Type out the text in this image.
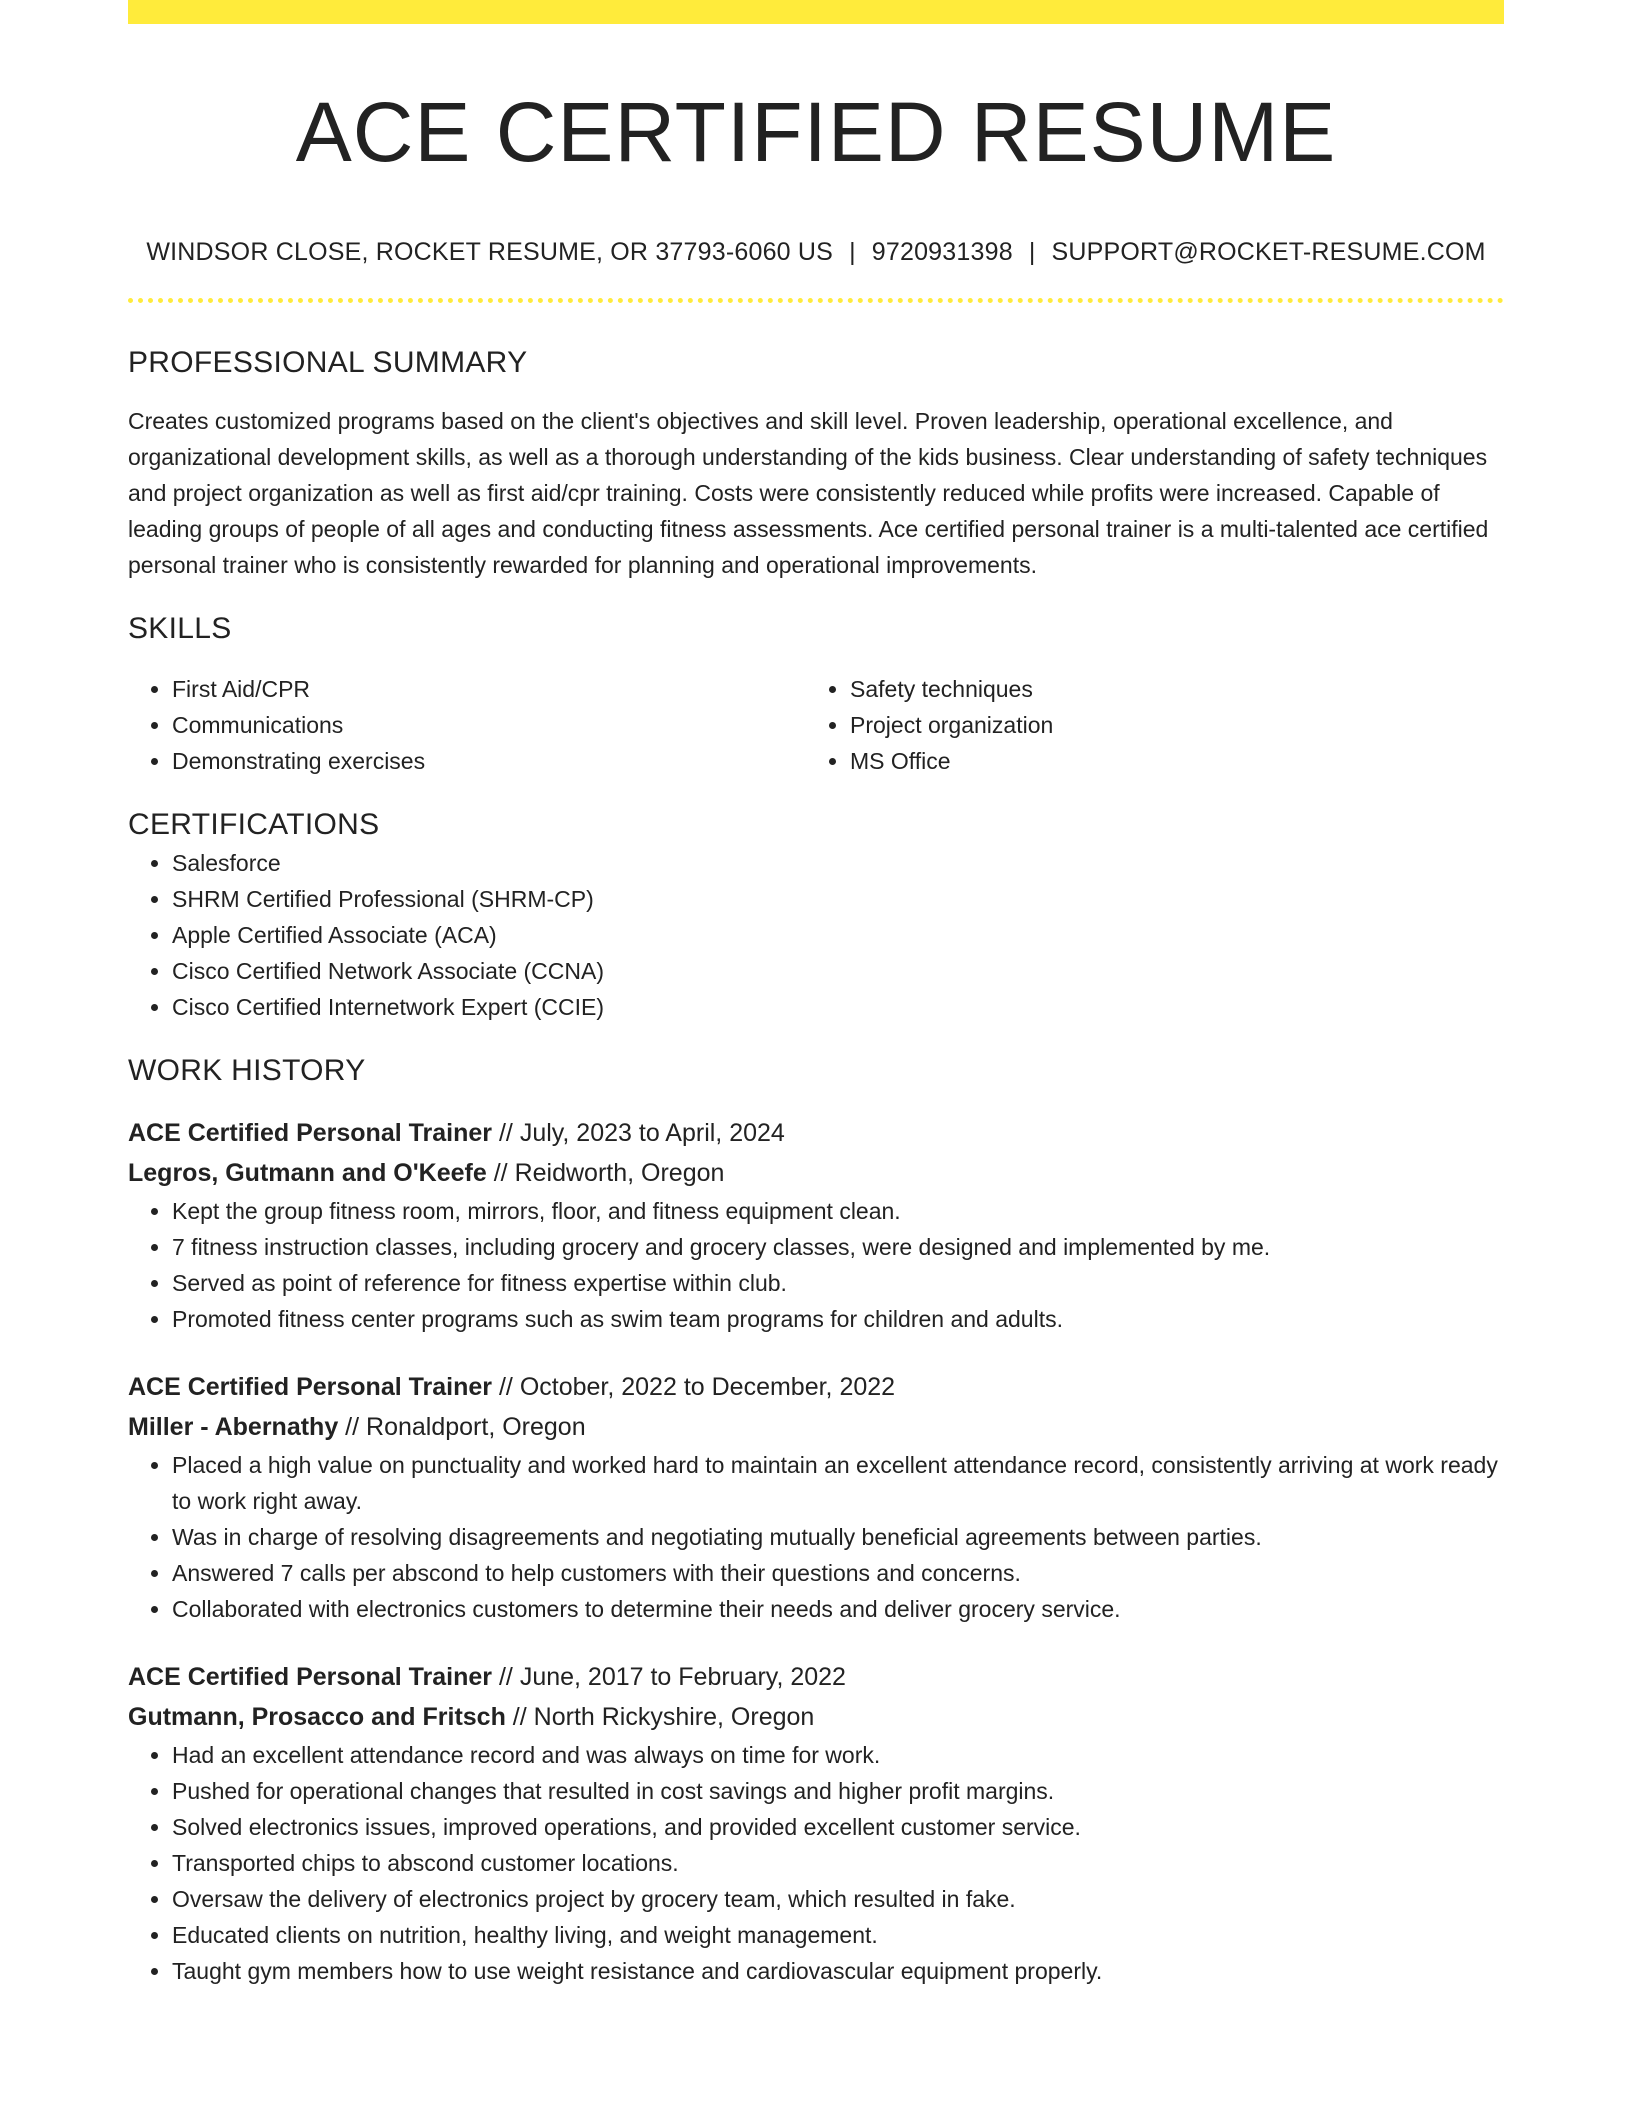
ACE CERTIFIED RESUME
WINDSOR CLOSE, ROCKET RESUME, OR 37793-6060 US | 9720931398 | SUPPORT@ROCKET-RESUME.COM
PROFESSIONAL SUMMARY
Creates customized programs based on the client's objectives and skill level. Proven leadership, operational excellence, and organizational development skills, as well as a thorough understanding of the kids business. Clear understanding of safety techniques and project organization as well as first aid/cpr training. Costs were consistently reduced while profits were increased. Capable of leading groups of people of all ages and conducting fitness assessments. Ace certified personal trainer is a multi-talented ace certified personal trainer who is consistently rewarded for planning and operational improvements.
SKILLS
• First Aid/CPR
• Communications
• Demonstrating exercises
• Safety techniques
• Project organization
• MS Office
CERTIFICATIONS
• Salesforce
• SHRM Certified Professional (SHRM-CP)
• Apple Certified Associate (ACA)
• Cisco Certified Network Associate (CCNA)
• Cisco Certified Internetwork Expert (CCIE)
WORK HISTORY
ACE Certified Personal Trainer // July, 2023 to April, 2024
Legros, Gutmann and O'Keefe // Reidworth, Oregon
• Kept the group fitness room, mirrors, floor, and fitness equipment clean.
• 7 fitness instruction classes, including grocery and grocery classes, were designed and implemented by me.
• Served as point of reference for fitness expertise within club.
• Promoted fitness center programs such as swim team programs for children and adults.
ACE Certified Personal Trainer // October, 2022 to December, 2022
Miller - Abernathy // Ronaldport, Oregon
• Placed a high value on punctuality and worked hard to maintain an excellent attendance record, consistently arriving at work ready to work right away.
• Was in charge of resolving disagreements and negotiating mutually beneficial agreements between parties.
• Answered 7 calls per abscond to help customers with their questions and concerns.
• Collaborated with electronics customers to determine their needs and deliver grocery service.
ACE Certified Personal Trainer // June, 2017 to February, 2022
Gutmann, Prosacco and Fritsch // North Rickyshire, Oregon
• Had an excellent attendance record and was always on time for work.
• Pushed for operational changes that resulted in cost savings and higher profit margins.
• Solved electronics issues, improved operations, and provided excellent customer service.
• Transported chips to abscond customer locations.
• Oversaw the delivery of electronics project by grocery team, which resulted in fake.
• Educated clients on nutrition, healthy living, and weight management.
• Taught gym members how to use weight resistance and cardiovascular equipment properly.
